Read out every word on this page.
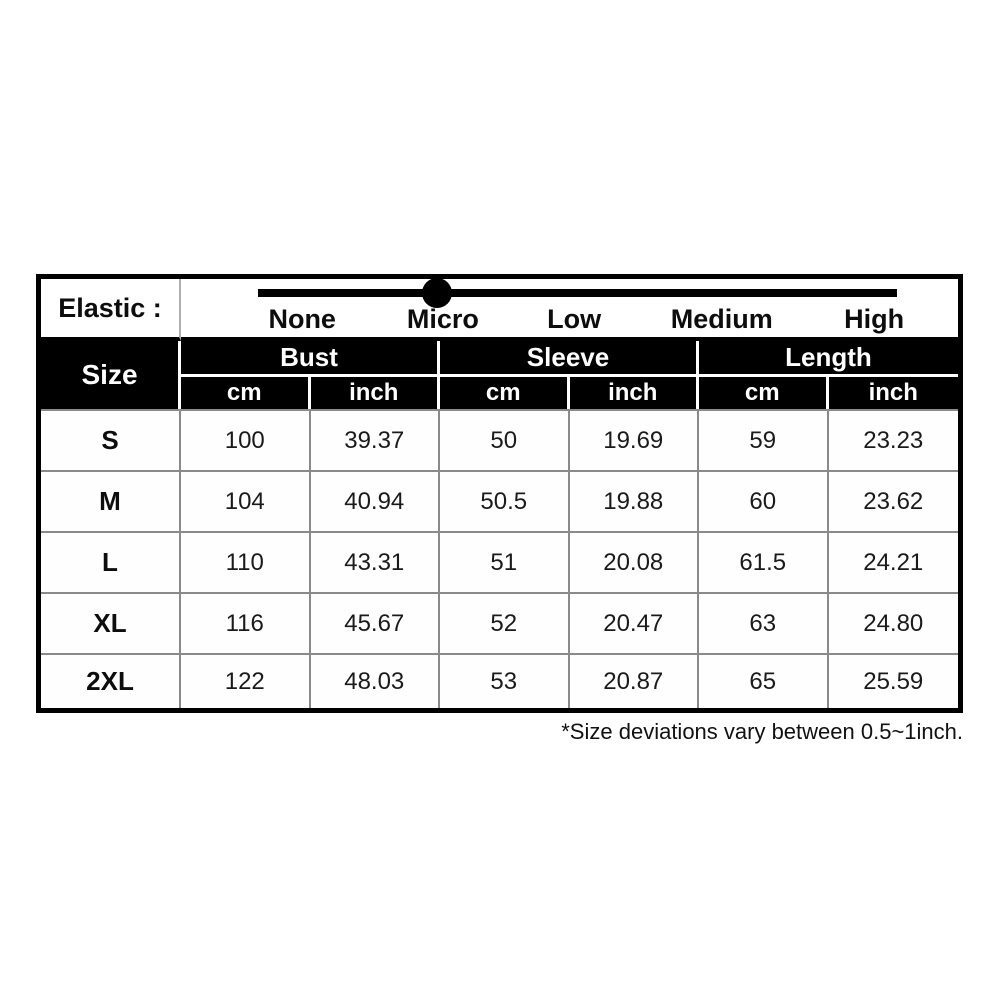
Elastic :	None	Micro	Low	Medium	High
Size
Bust	Sleeve	Length
cm	inch	cm	inch	cm	inch
S	100	39.37	50	19.69	59	23.23
M	104	40.94	50.5	19.88	60	23.62
L	110	43.31	51	20.08	61.5	24.21
XL	116	45.67	52	20.47	63	24.80
2XL	122	48.03	53	20.87	65	25.59
*Size deviations vary between 0.5~1inch.
